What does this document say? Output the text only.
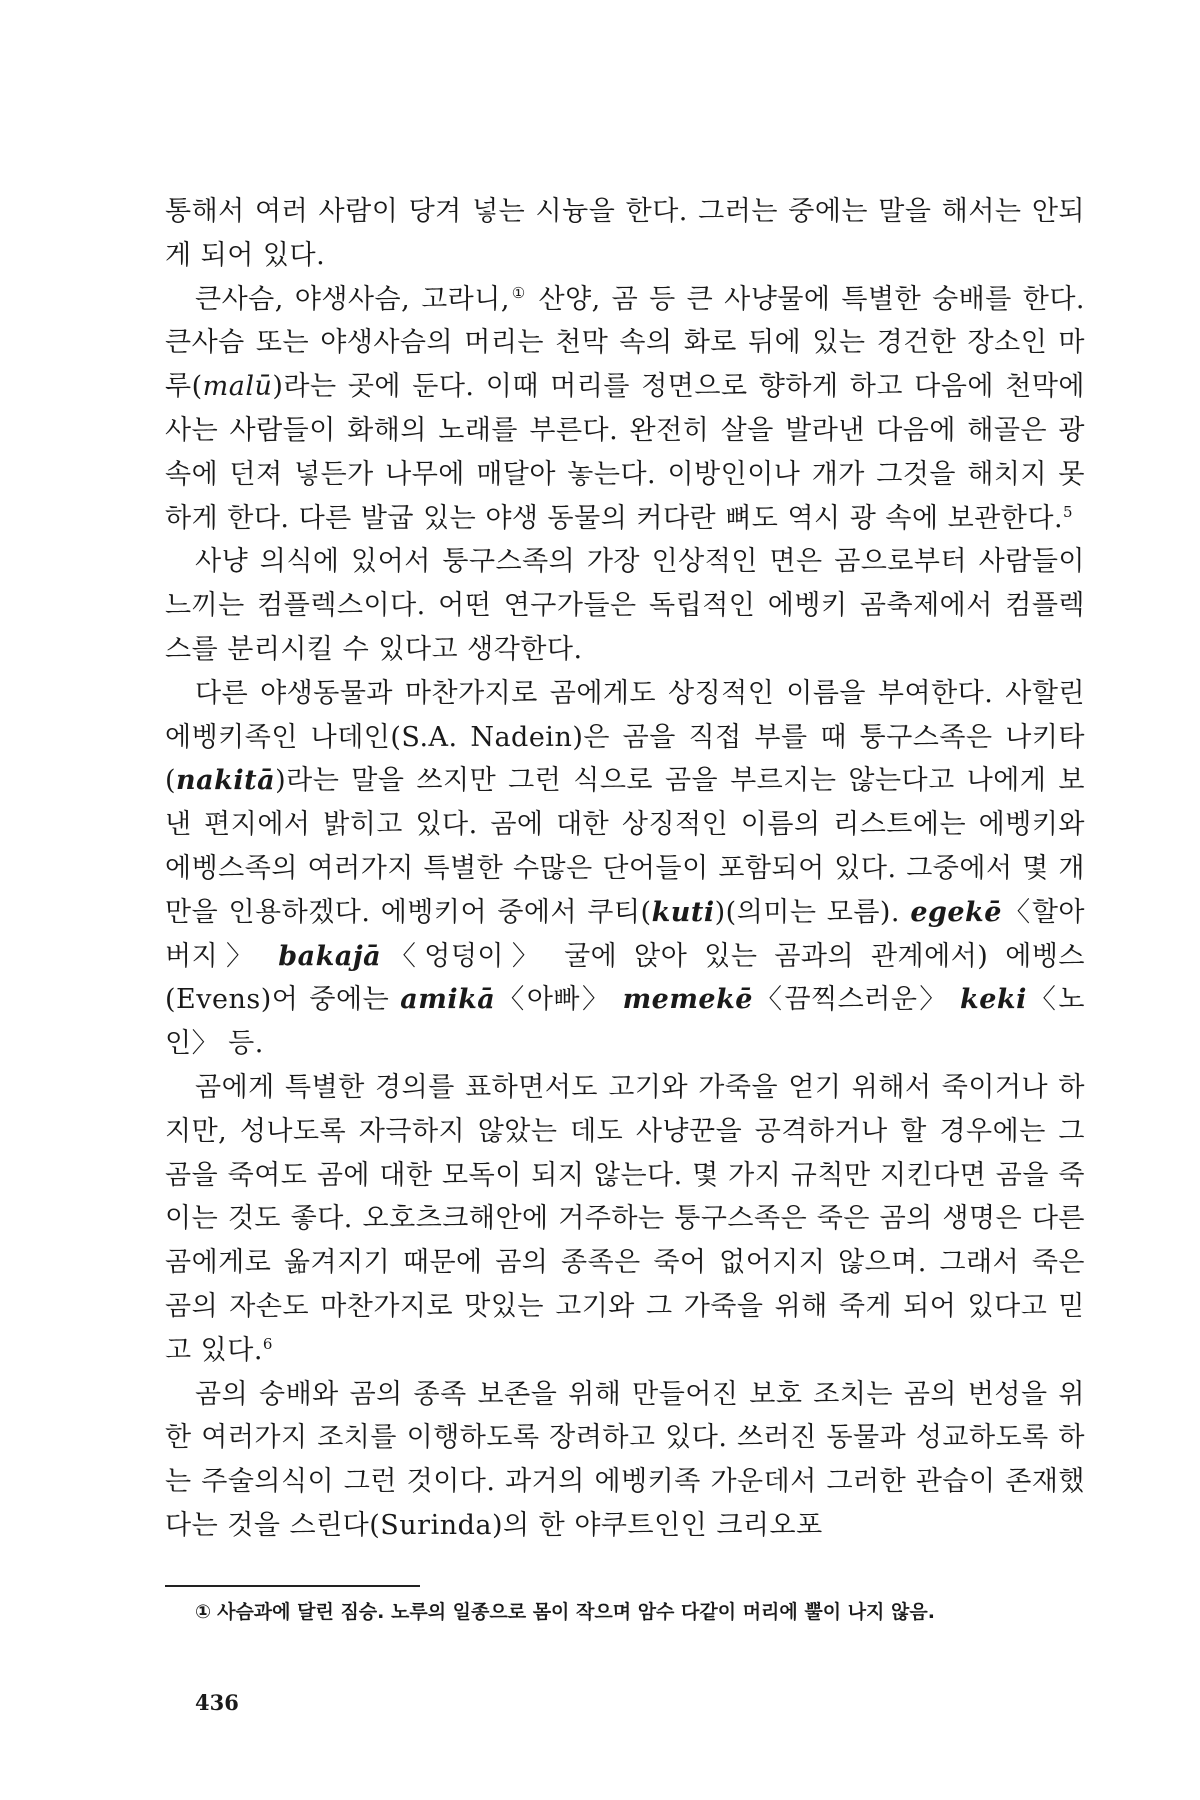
통해서 여러 사람이 당겨 넣는 시늉을 한다. 그러는 중에는 말을 해서는 안되게 되어 있다.

큰사슴, 야생사슴, 고라니,① 산양, 곰 등 큰 사냥물에 특별한 숭배를 한다. 큰사슴 또는 야생사슴의 머리는 천막 속의 화로 뒤에 있는 경건한 장소인 마루(malū)라는 곳에 둔다. 이때 머리를 정면으로 향하게 하고 다음에 천막에 사는 사람들이 화해의 노래를 부른다. 완전히 살을 발라낸 다음에 해골은 광 속에 던져 넣든가 나무에 매달아 놓는다. 이방인이나 개가 그것을 해치지 못하게 한다. 다른 발굽 있는 야생 동물의 커다란 뼈도 역시 광 속에 보관한다.$^5$

사냥 의식에 있어서 퉁구스족의 가장 인상적인 면은 곰으로부터 사람들이 느끼는 컴플렉스이다. 어떤 연구가들은 독립적인 에벵키 곰축제에서 컴플렉스를 분리시킬 수 있다고 생각한다.

다른 야생동물과 마찬가지로 곰에게도 상징적인 이름을 부여한다. 사할린 에벵키족인 나데인(S.A. Nadein)은 곰을 직접 부를 때 퉁구스족은 나키타(nakitā)라는 말을 쓰지만 그런 식으로 곰을 부르지는 않는다고 나에게 보낸 편지에서 밝히고 있다. 곰에 대한 상징적인 이름의 리스트에는 에벵키와 에벵스족의 여러가지 특별한 수많은 단어들이 포함되어 있다. 그중에서 몇 개만을 인용하겠다. 에벵키어 중에서 쿠티(kuti)(의미는 모름). egekē〈할아버지〉 bakajā〈엉덩이〉 굴에 앉아 있는 곰과의 관계에서) 에벵스(Evens)어 중에는 amikā〈아빠〉 memekē〈끔찍스러운〉 keki〈노인〉 등.

곰에게 특별한 경의를 표하면서도 고기와 가죽을 얻기 위해서 죽이거나 하지만, 성나도록 자극하지 않았는 데도 사냥꾼을 공격하거나 할 경우에는 그 곰을 죽여도 곰에 대한 모독이 되지 않는다. 몇 가지 규칙만 지킨다면 곰을 죽이는 것도 좋다. 오호츠크해안에 거주하는 퉁구스족은 죽은 곰의 생명은 다른 곰에게로 옮겨지기 때문에 곰의 종족은 죽어 없어지지 않으며. 그래서 죽은 곰의 자손도 마찬가지로 맛있는 고기와 그 가죽을 위해 죽게 되어 있다고 믿고 있다.$^6$

곰의 숭배와 곰의 종족 보존을 위해 만들어진 보호 조치는 곰의 번성을 위한 여러가지 조치를 이행하도록 장려하고 있다. 쓰러진 동물과 성교하도록 하는 주술의식이 그런 것이다. 과거의 에벵키족 가운데서 그러한 관습이 존재했다는 것을 스린다(Surinda)의 한 야쿠트인인 크리오포

① 사슴과에 달린 짐승. 노루의 일종으로 몸이 작으며 암수 다같이 머리에 뿔이 나지 않음.
436
